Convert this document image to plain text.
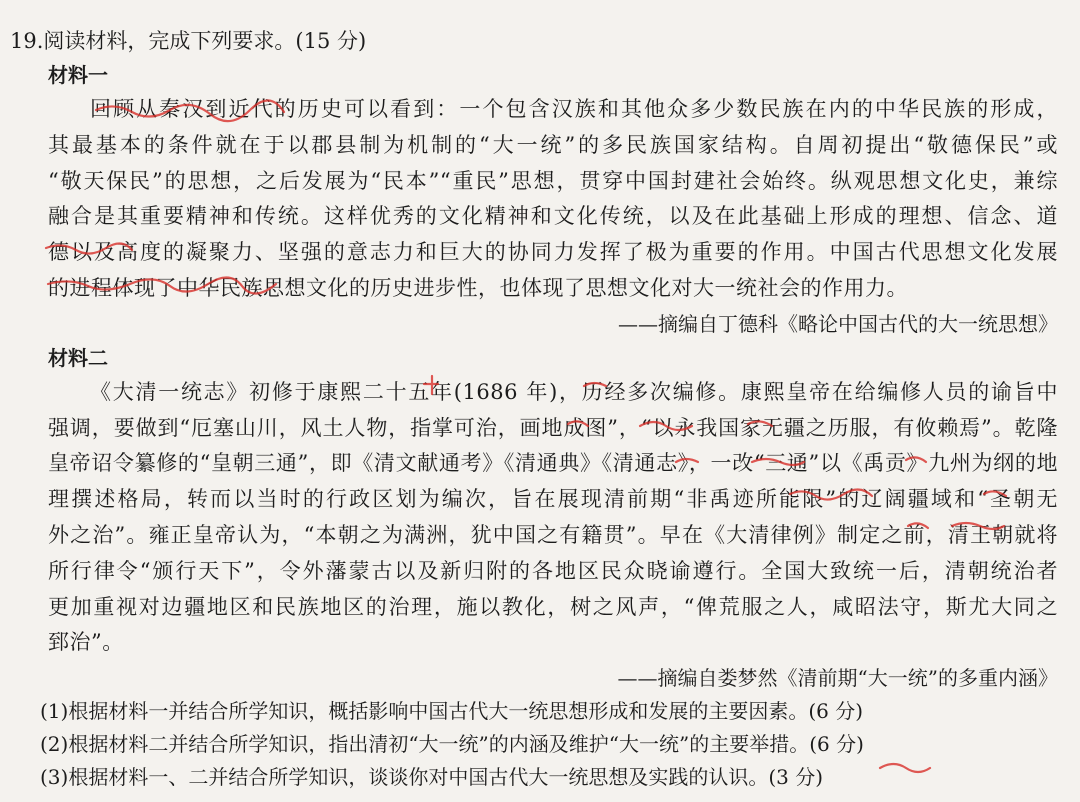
19.阅读材料，完成下列要求。(15 分)
材料一
回顾从秦汉到近代的历史可以看到：一个包含汉族和其他众多少数民族在内的中华民族的形成，
其最基本的条件就在于以郡县制为机制的“大一统”的多民族国家结构。自周初提出“敬德保民”或
“敬天保民”的思想，之后发展为“民本”“重民”思想，贯穿中国封建社会始终。纵观思想文化史，兼综
融合是其重要精神和传统。这样优秀的文化精神和文化传统，以及在此基础上形成的理想、信念、道
德以及高度的凝聚力、坚强的意志力和巨大的协同力发挥了极为重要的作用。中国古代思想文化发展
的进程体现了中华民族思想文化的历史进步性，也体现了思想文化对大一统社会的作用力。
——摘编自丁德科《略论中国古代的大一统思想》
材料二
《大清一统志》初修于康熙二十五年(1686 年)，历经多次编修。康熙皇帝在给编修人员的谕旨中
强调，要做到“厄塞山川，风土人物，指掌可治，画地成图”，“以永我国家无疆之历服，有攸赖焉”。乾隆
皇帝诏令纂修的“皇朝三通”，即《清文献通考》《清通典》《清通志》，一改“三通”以《禹贡》九州为纲的地
理撰述格局，转而以当时的行政区划为编次，旨在展现清前期“非禹迹所能限”的辽阔疆域和“圣朝无
外之治”。雍正皇帝认为，“本朝之为满洲，犹中国之有籍贯”。早在《大清律例》制定之前，清王朝就将
所行律令“颁行天下”，令外藩蒙古以及新归附的各地区民众晓谕遵行。全国大致统一后，清朝统治者
更加重视对边疆地区和民族地区的治理，施以教化，树之风声，“俾荒服之人，咸昭法守，斯尤大同之
郅治”。
——摘编自娄梦然《清前期“大一统”的多重内涵》
(1)根据材料一并结合所学知识，概括影响中国古代大一统思想形成和发展的主要因素。(6 分)
(2)根据材料二并结合所学知识，指出清初“大一统”的内涵及维护“大一统”的主要举措。(6 分)
(3)根据材料一、二并结合所学知识，谈谈你对中国古代大一统思想及实践的认识。(3 分)
